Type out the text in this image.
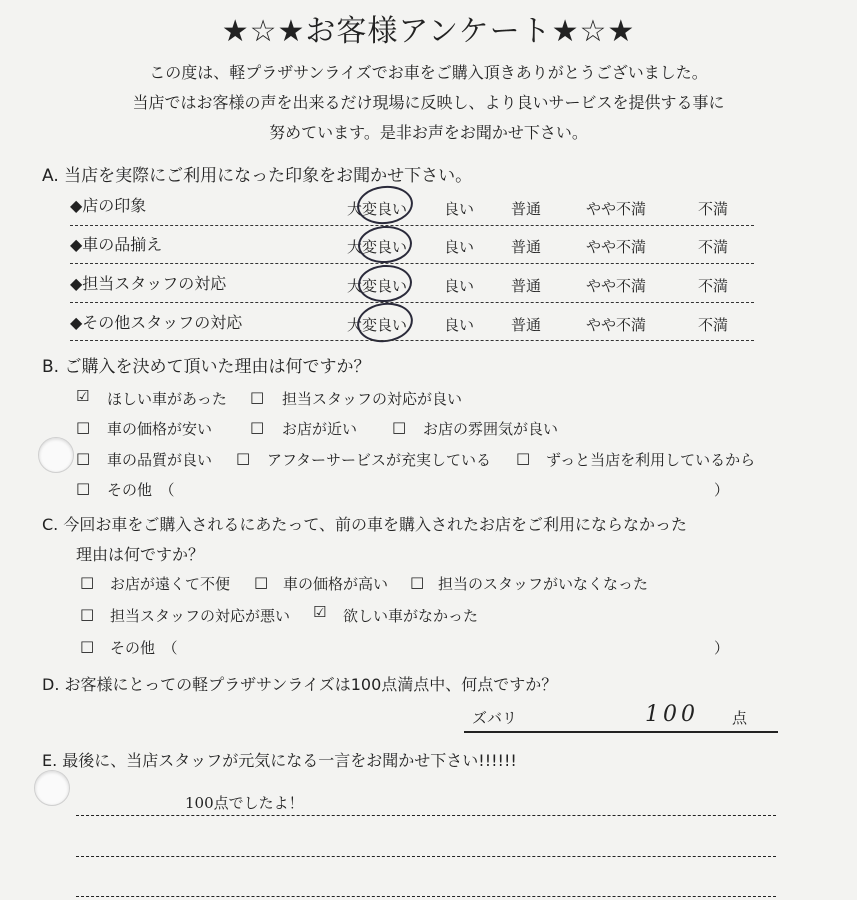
★☆★お客様アンケート★☆★
この度は、軽プラザサンライズでお車をご購入頂きありがとうございました。
当店ではお客様の声を出来るだけ現場に反映し、より良いサービスを提供する事に
努めています。是非お声をお聞かせ下さい。
A. 当店を実際にご利用になった印象をお聞かせ下さい。
◆店の印象	大変良い 良い 普通	やや不満	不満
◆車の品揃え	大変良い 良い 普通	やや不満	不満
◆担当スタッフの対応	大変良い 良い 普通	やや不満	不満
◆その他スタッフの対応	大変良い 良い 普通	やや不満	不満
B. ご購入を決めて頂いた理由は何ですか？
☑ ほしい車があった □ 担当スタッフの対応が良い
□ 車の価格が安い	□ お店が近い □ お店の雰囲気が良い
□ 車の品質が良い □ アフターサービスが充実している □ ずっと当店を利用しているから
□ その他　（	）
C. 今回お車をご購入されるにあたって、前の車を購入されたお店をご利用にならなかった
理由は何ですか？
□ お店が遠くて不便 □ 車の価格が高い □ 担当のスタッフがいなくなった
□ 担当スタッフの対応が悪い ☑ 欲しい車がなかった
□ その他　（	）
D. お客様にとっての軽プラザサンライズは100点満点中、何点ですか？
ズバリ	100 点
E. 最後に、当店スタッフが元気になる一言をお聞かせ下さい!!!!!!
100点でしたよ！
